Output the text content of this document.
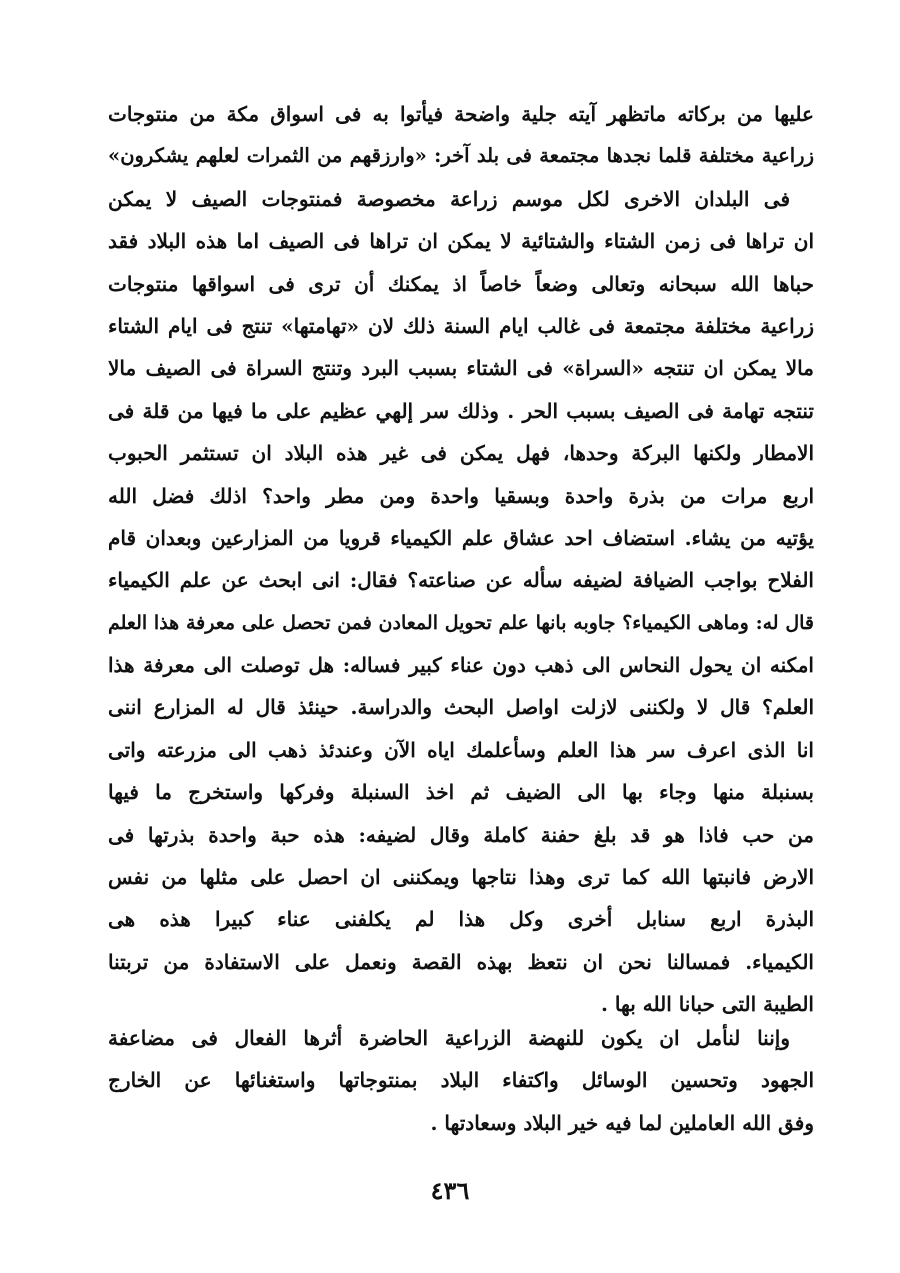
عليها من بركاته ماتظهر آيته جلية واضحة فيأتوا به فى اسواق مكة من منتوجات
زراعية مختلفة قلما نجدها مجتمعة فى بلد آخر: «وارزقهم من الثمرات لعلهم يشكرون»
فى البلدان الاخرى لكل موسم زراعة مخصوصة فمنتوجات الصيف لا يمكن
ان تراها فى زمن الشتاء والشتائية لا يمكن ان تراها فى الصيف اما هذه البلاد فقد
حباها الله سبحانه وتعالى وضعاً خاصاً اذ يمكنك أن ترى فى اسواقها منتوجات
زراعية مختلفة مجتمعة فى غالب ايام السنة ذلك لان «تهامتها» تنتج فى ايام الشتاء
مالا يمكن ان تنتجه «السراة» فى الشتاء بسبب البرد وتنتج السراة فى الصيف مالا
تنتجه تهامة فى الصيف بسبب الحر . وذلك سر إلهي عظيم على ما فيها من قلة فى
الامطار ولكنها البركة وحدها، فهل يمكن فى غير هذه البلاد ان تستثمر الحبوب
اربع مرات من بذرة واحدة وبسقيا واحدة ومن مطر واحد؟ اذلك فضل الله
يؤتيه من يشاء. استضاف احد عشاق علم الكيمياء قرويا من المزارعين وبعدان قام
الفلاح بواجب الضيافة لضيفه سأله عن صناعته؟ فقال: انى ابحث عن علم الكيمياء
قال له: وماهى الكيمياء؟ جاوبه بانها علم تحويل المعادن فمن تحصل على معرفة هذا العلم
امكنه ان يحول النحاس الى ذهب دون عناء كبير فساله: هل توصلت الى معرفة هذا
العلم؟ قال لا ولكننى لازلت اواصل البحث والدراسة. حينئذ قال له المزارع اننى
انا الذى اعرف سر هذا العلم وسأعلمك اياه الآن وعندئذ ذهب الى مزرعته واتى
بسنبلة منها وجاء بها الى الضيف ثم اخذ السنبلة وفركها واستخرج ما فيها
من حب فاذا هو قد بلغ حفنة كاملة وقال لضيفه: هذه حبة واحدة بذرتها فى
الارض فانبتها الله كما ترى وهذا نتاجها ويمكننى ان احصل على مثلها من نفس
البذرة اربع سنابل أخرى وكل هذا لم يكلفنى عناء كبيرا هذه هى
الكيمياء. فمسالنا نحن ان نتعظ بهذه القصة ونعمل على الاستفادة من تربتنا
الطيبة التى حبانا الله بها .
وإننا لنأمل ان يكون للنهضة الزراعية الحاضرة أثرها الفعال فى مضاعفة
الجهود وتحسين الوسائل واكتفاء البلاد بمنتوجاتها واستغنائها عن الخارج
وفق الله العاملين لما فيه خير البلاد وسعادتها .
٤٣٦
